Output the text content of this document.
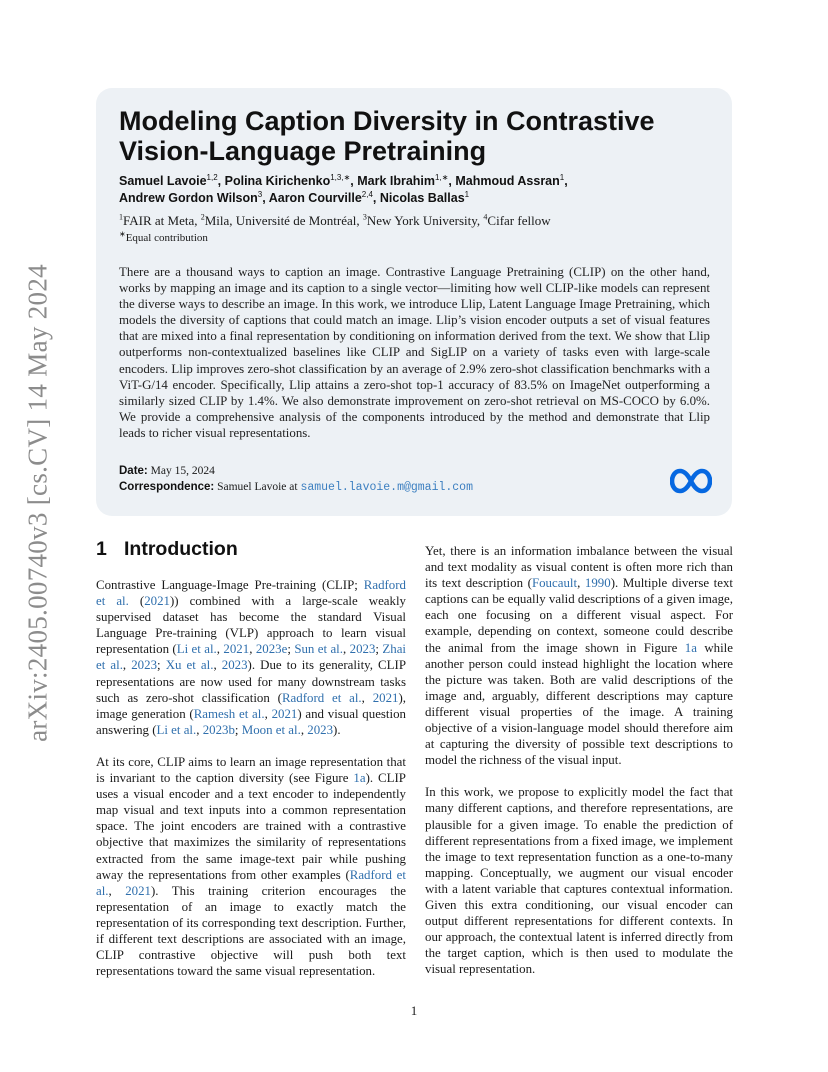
arXiv:2405.00740v3 [cs.CV] 14 May 2024
Modeling Caption Diversity in Contrastive Vision-Language Pretraining

Samuel Lavoie$^{1,2}$, Polina Kirichenko$^{1,3,∗}$, Mark Ibrahim$^{1,∗}$, Mahmoud Assran$^1$,
Andrew Gordon Wilson$^3$, Aaron Courville$^{2,4}$, Nicolas Ballas$^1$

$^1$FAIR at Meta, $^2$Mila, Université de Montréal, $^3$New York University, $^4$Cifar fellow

∗Equal contribution

There are a thousand ways to caption an image. Contrastive Language Pretraining (CLIP) on the other hand, works by mapping an image and its caption to a single vector—limiting how well CLIP-like models can represent the diverse ways to describe an image. In this work, we introduce Llip, Latent Language Image Pretraining, which models the diversity of captions that could match an image. Llip’s vision encoder outputs a set of visual features that are mixed into a final representation by conditioning on information derived from the text. We show that Llip outperforms non-contextualized baselines like CLIP and SigLIP on a variety of tasks even with large-scale encoders. Llip improves zero-shot classification by an average of 2.9% zero-shot classification benchmarks with a ViT-G/14 encoder. Specifically, Llip attains a zero-shot top-1 accuracy of 83.5% on ImageNet outperforming a similarly sized CLIP by 1.4%. We also demonstrate improvement on zero-shot retrieval on MS-COCO by 6.0%. We provide a comprehensive analysis of the components introduced by the method and demonstrate that Llip leads to richer visual representations.

Date: May 15, 2024

Correspondence: Samuel Lavoie at samuel.lavoie.m@gmail.com

1 Introduction

Contrastive Language-Image Pre-training (CLIP; Radford et al. (2021)) combined with a large-scale weakly supervised dataset has become the standard Visual Language Pre-training (VLP) approach to learn visual representation (Li et al., 2021, 2023e; Sun et al., 2023; Zhai et al., 2023; Xu et al., 2023). Due to its generality, CLIP representations are now used for many downstream tasks such as zero-shot classification (Radford et al., 2021), image generation (Ramesh et al., 2021) and visual question answering (Li et al., 2023b; Moon et al., 2023).

At its core, CLIP aims to learn an image representation that is invariant to the caption diversity (see Figure 1a). CLIP uses a visual encoder and a text encoder to independently map visual and text inputs into a common representation space. The joint encoders are trained with a contrastive objective that maximizes the similarity of representations extracted from the same image-text pair while pushing away the representations from other examples (Radford et al., 2021). This training criterion encourages the representation of an image to exactly match the representation of its corresponding text description. Further, if different text descriptions are associated with an image, CLIP contrastive objective will push both text representations toward the same visual representation.

Yet, there is an information imbalance between the visual and text modality as visual content is often more rich than its text description (Foucault, 1990). Multiple diverse text captions can be equally valid descriptions of a given image, each one focusing on a different visual aspect. For example, depending on context, someone could describe the animal from the image shown in Figure 1a while another person could instead highlight the location where the picture was taken. Both are valid descriptions of the image and, arguably, different descriptions may capture different visual properties of the image. A training objective of a vision-language model should therefore aim at capturing the diversity of possible text descriptions to model the richness of the visual input.

In this work, we propose to explicitly model the fact that many different captions, and therefore representations, are plausible for a given image. To enable the prediction of different representations from a fixed image, we implement the image to text representation function as a one-to-many mapping. Conceptually, we augment our visual encoder with a latent variable that captures contextual information. Given this extra conditioning, our visual encoder can output different representations for different contexts. In our approach, the contextual latent is inferred directly from the target caption, which is then used to modulate the visual representation.

1
